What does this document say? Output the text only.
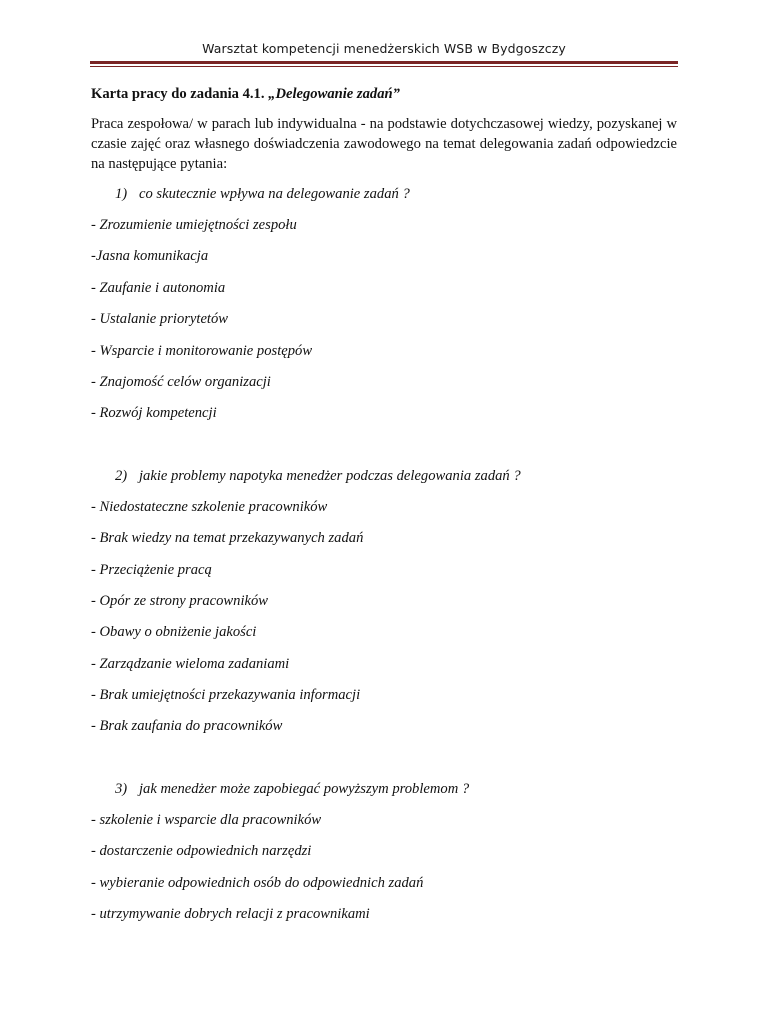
Warsztat kompetencji menedżerskich WSB w Bydgoszczy

Karta pracy do zadania 4.1. „Delegowanie zadań”

Praca zespołowa/ w parach lub indywidualna - na podstawie dotychczasowej wiedzy, pozyskanej w czasie zajęć oraz własnego doświadczenia zawodowego na temat delegowania zadań odpowiedzcie na następujące pytania:

1) co skutecznie wpływa na delegowanie zadań ?

- Zrozumienie umiejętności zespołu

-Jasna komunikacja

- Zaufanie i autonomia

- Ustalanie priorytetów

- Wsparcie i monitorowanie postępów

- Znajomość celów organizacji

- Rozwój kompetencji

2) jakie problemy napotyka menedżer podczas delegowania zadań ?

- Niedostateczne szkolenie pracowników

- Brak wiedzy na temat przekazywanych zadań

- Przeciążenie pracą

- Opór ze strony pracowników

- Obawy o obniżenie jakości

- Zarządzanie wieloma zadaniami

- Brak umiejętności przekazywania informacji

- Brak zaufania do pracowników

3) jak menedżer może zapobiegać powyższym problemom ?

- szkolenie i wsparcie dla pracowników

- dostarczenie odpowiednich narzędzi

- wybieranie odpowiednich osób do odpowiednich zadań

- utrzymywanie dobrych relacji z pracownikami
